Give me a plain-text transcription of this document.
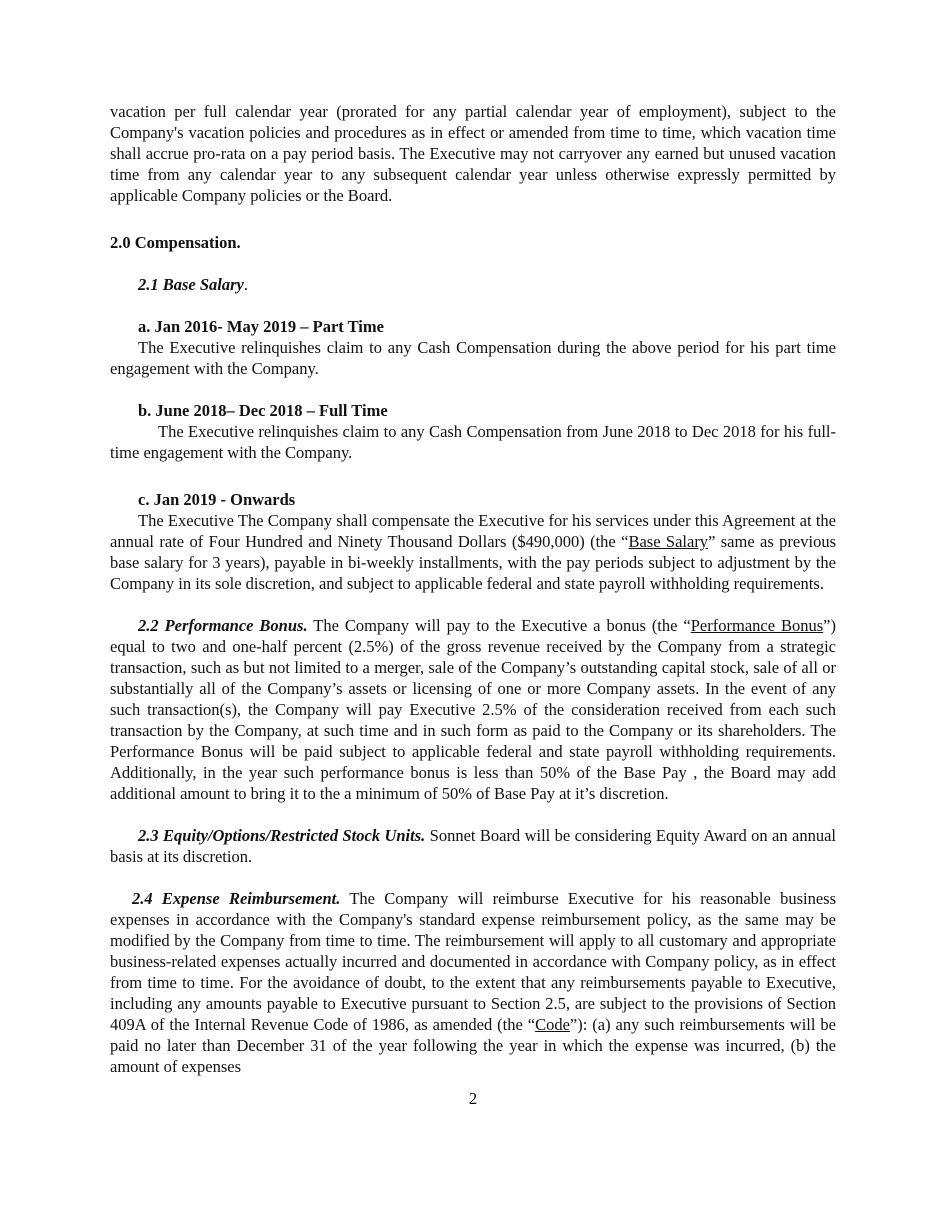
vacation per full calendar year (prorated for any partial calendar year of employment), subject to the Company's vacation policies and procedures as in effect or amended from time to time, which vacation time shall accrue pro-rata on a pay period basis. The Executive may not carryover any earned but unused vacation time from any calendar year to any subsequent calendar year unless otherwise expressly permitted by applicable Company policies or the Board.

2.0 Compensation.

2.1 Base Salary.

a. Jan 2016- May 2019 – Part Time

The Executive relinquishes claim to any Cash Compensation during the above period for his part time engagement with the Company.

b. June 2018– Dec 2018 – Full Time

The Executive relinquishes claim to any Cash Compensation from June 2018 to Dec 2018 for his full-time engagement with the Company.

c. Jan 2019 - Onwards

The Executive The Company shall compensate the Executive for his services under this Agreement at the annual rate of Four Hundred and Ninety Thousand Dollars ($490,000) (the “Base Salary” same as previous base salary for 3 years), payable in bi-weekly installments, with the pay periods subject to adjustment by the Company in its sole discretion, and subject to applicable federal and state payroll withholding requirements.

2.2 Performance Bonus. The Company will pay to the Executive a bonus (the “Performance Bonus”) equal to two and one-half percent (2.5%) of the gross revenue received by the Company from a strategic transaction, such as but not limited to a merger, sale of the Company’s outstanding capital stock, sale of all or substantially all of the Company’s assets or licensing of one or more Company assets. In the event of any such transaction(s), the Company will pay Executive 2.5% of the consideration received from each such transaction by the Company, at such time and in such form as paid to the Company or its shareholders. The Performance Bonus will be paid subject to applicable federal and state payroll withholding requirements. Additionally, in the year such performance bonus is less than 50% of the Base Pay , the Board may add additional amount to bring it to the a minimum of 50% of Base Pay at it’s discretion.

2.3 Equity/Options/Restricted Stock Units. Sonnet Board will be considering Equity Award on an annual basis at its discretion.

2.4 Expense Reimbursement. The Company will reimburse Executive for his reasonable business expenses in accordance with the Company's standard expense reimbursement policy, as the same may be modified by the Company from time to time. The reimbursement will apply to all customary and appropriate business-related expenses actually incurred and documented in accordance with Company policy, as in effect from time to time. For the avoidance of doubt, to the extent that any reimbursements payable to Executive, including any amounts payable to Executive pursuant to Section 2.5, are subject to the provisions of Section 409A of the Internal Revenue Code of 1986, as amended (the “Code”): (a) any such reimbursements will be paid no later than December 31 of the year following the year in which the expense was incurred, (b) the amount of expenses

2
